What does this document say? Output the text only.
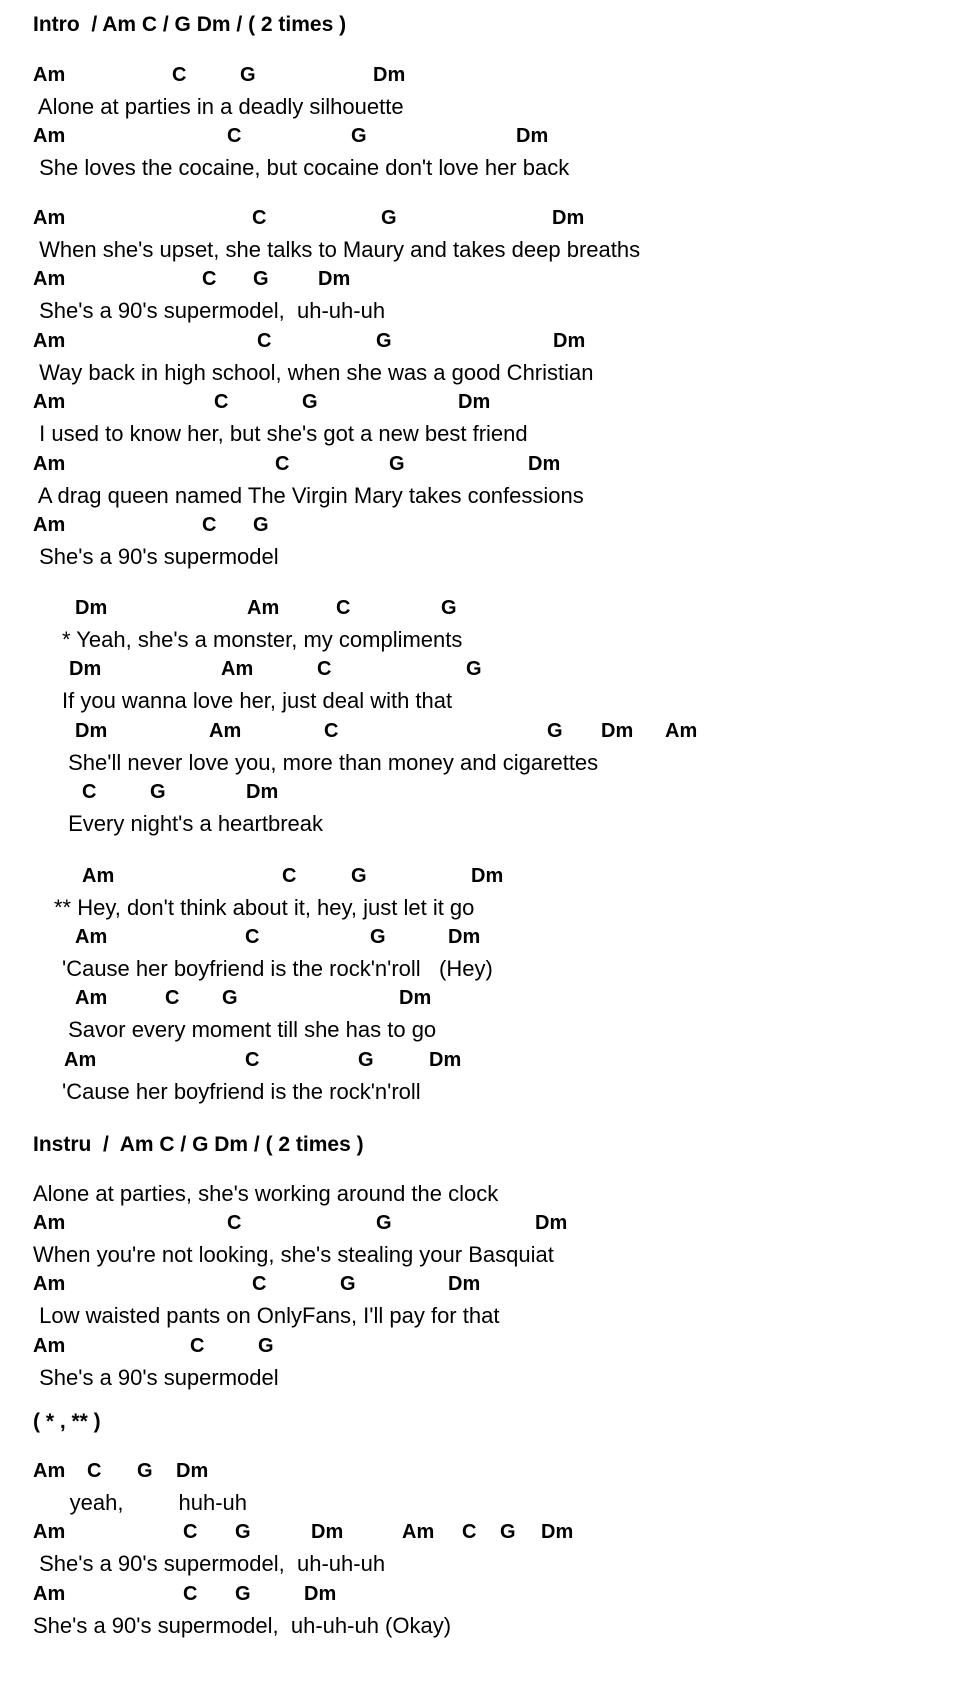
Intro  / Am C / G Dm / ( 2 times )
Instru  /  Am C / G Dm / ( 2 times )
( * , ** )
Am	C	G	Dm
Alone at parties in a deadly silhouette
Am	C	G	Dm
She loves the cocaine, but cocaine don't love her back
Am	C	G	Dm
When she's upset, she talks to Maury and takes deep breaths
Am	C G Dm
She's a 90's supermodel,  uh-uh-uh
Am	C	G	Dm
Way back in high school, when she was a good Christian
Am	C	G	Dm
I used to know her, but she's got a new best friend
Am	C	G	Dm
A drag queen named The Virgin Mary takes confessions
Am	C G
She's a 90's supermodel
Dm	Am	C	G
* Yeah, she's a monster, my compliments
Dm	Am	C	G
If you wanna love her, just deal with that
Dm	Am	C	G Dm Am
She'll never love you, more than money and cigarettes
C	G	Dm
Every night's a heartbreak
Am	C	G	Dm
** Hey, don't think about it, hey, just let it go
Am	C	G	Dm
'Cause her boyfriend is the rock'n'roll   (Hey)
Am	C G	Dm
Savor every moment till she has to go
Am	C	G	Dm
'Cause her boyfriend is the rock'n'roll
Alone at parties, she's working around the clock
Am	C	G	Dm
When you're not looking, she's stealing your Basquiat
Am	C	G	Dm
Low waisted pants on OnlyFans, I'll pay for that
Am	C	G
She's a 90's supermodel
Am C G Dm
yeah,         huh-uh
Am	C G	Dm	Am C G Dm
She's a 90's supermodel,  uh-uh-uh
Am	C G	Dm
She's a 90's supermodel,  uh-uh-uh (Okay)
